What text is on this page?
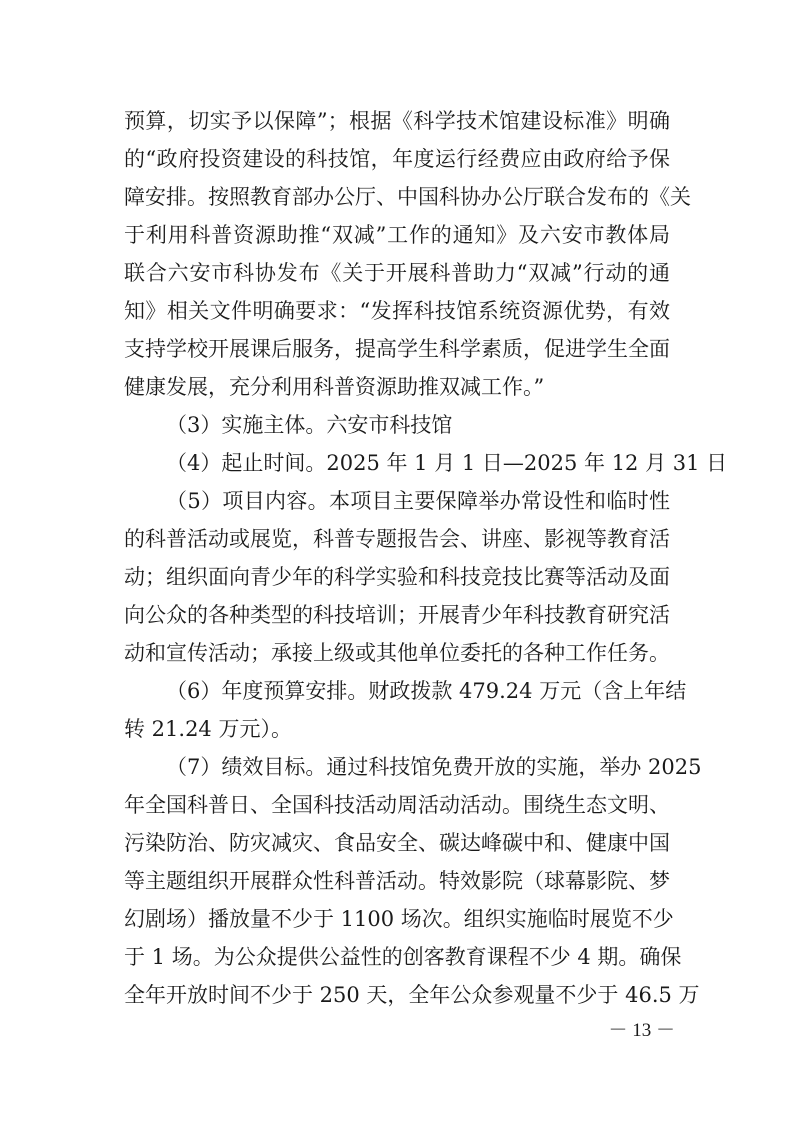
预算，切实予以保障”；根据《科学技术馆建设标准》明确
的“政府投资建设的科技馆，年度运行经费应由政府给予保
障安排。按照教育部办公厅、中国科协办公厅联合发布的《关
于利用科普资源助推“双减”工作的通知》及六安市教体局
联合六安市科协发布《关于开展科普助力“双减”行动的通
知》相关文件明确要求：“发挥科技馆系统资源优势，有效
支持学校开展课后服务，提高学生科学素质，促进学生全面
健康发展，充分利用科普资源助推双减工作。”
（3）实施主体。六安市科技馆
（4）起止时间。2025 年 1 月 1 日—2025 年 12 月 31 日
（5）项目内容。本项目主要保障举办常设性和临时性
的科普活动或展览，科普专题报告会、讲座、影视等教育活
动；组织面向青少年的科学实验和科技竞技比赛等活动及面
向公众的各种类型的科技培训；开展青少年科技教育研究活
动和宣传活动；承接上级或其他单位委托的各种工作任务。
（6）年度预算安排。财政拨款 479.24 万元（含上年结
转 21.24 万元）。
（7）绩效目标。通过科技馆免费开放的实施，举办 2025
年全国科普日、全国科技活动周活动活动。围绕生态文明、
污染防治、防灾减灾、食品安全、碳达峰碳中和、健康中国
等主题组织开展群众性科普活动。特效影院（球幕影院、梦
幻剧场）播放量不少于 1100 场次。组织实施临时展览不少
于 1 场。为公众提供公益性的创客教育课程不少 4 期。确保
全年开放时间不少于 250 天，全年公众参观量不少于 46.5 万
－ 13 －
